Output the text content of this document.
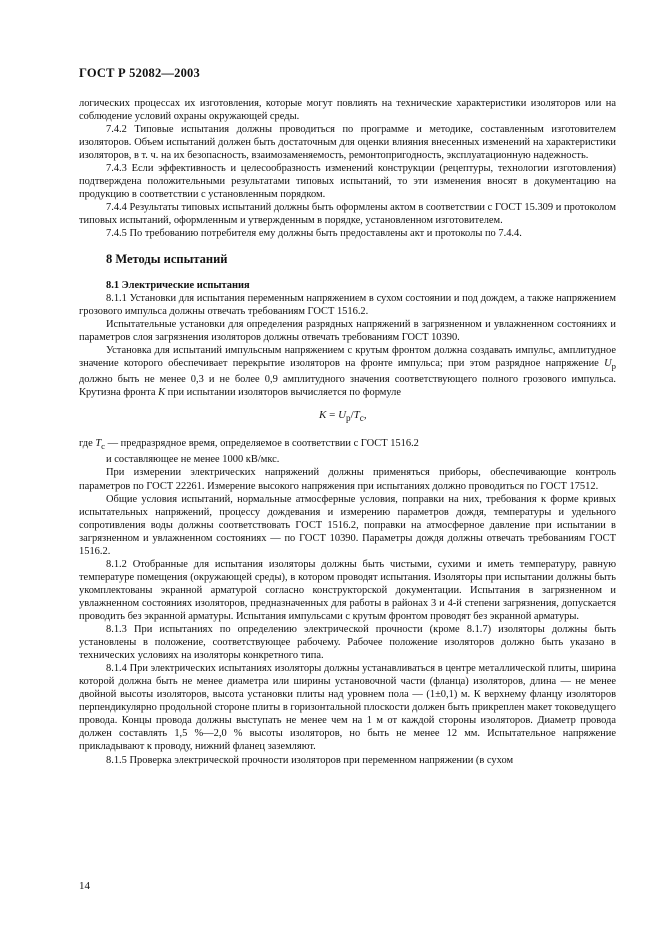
ГОСТ Р 52082—2003

логических процессах их изготовления, которые могут повлиять на технические характеристики изоляторов или на соблюдение условий охраны окружающей среды.

7.4.2 Типовые испытания должны проводиться по программе и методике, составленным изготовителем изоляторов. Объем испытаний должен быть достаточным для оценки влияния внесенных изменений на характеристики изоляторов, в т. ч. на их безопасность, взаимозаменяемость, ремонтопригодность, эксплуатационную надежность.

7.4.3 Если эффективность и целесообразность изменений конструкции (рецептуры, технологии изготовления) подтверждена положительными результатами типовых испытаний, то эти изменения вносят в документацию на продукцию в соответствии с установленным порядком.

7.4.4 Результаты типовых испытаний должны быть оформлены актом в соответствии с ГОСТ 15.309 и протоколом типовых испытаний, оформленным и утвержденным в порядке, установленном изготовителем.

7.4.5 По требованию потребителя ему должны быть предоставлены акт и протоколы по 7.4.4.

8 Методы испытаний

8.1 Электрические испытания

8.1.1 Установки для испытания переменным напряжением в сухом состоянии и под дождем, а также напряжением грозового импульса должны отвечать требованиям ГОСТ 1516.2.

Испытательные установки для определения разрядных напряжений в загрязненном и увлажненном состояниях и параметров слоя загрязнения изоляторов должны отвечать требованиям ГОСТ 10390.

Установка для испытаний импульсным напряжением с крутым фронтом должна создавать импульс, амплитудное значение которого обеспечивает перекрытие изоляторов на фронте импульса; при этом разрядное напряжение $U_р$ должно быть не менее 0,3 и не более 0,9 амплитудного значения соответствующего полного грозового импульса. Крутизна фронта K при испытании изоляторов вычисляется по формуле

$K = U_р/T_c$,

где $T_c$ — предразрядное время, определяемое в соответствии с ГОСТ 1516.2

и составляющее не менее 1000 кВ/мкс.

При измерении электрических напряжений должны применяться приборы, обеспечивающие контроль параметров по ГОСТ 22261. Измерение высокого напряжения при испытаниях должно проводиться по ГОСТ 17512.

Общие условия испытаний, нормальные атмосферные условия, поправки на них, требования к форме кривых испытательных напряжений, процессу дождевания и измерению параметров дождя, температуры и удельного сопротивления воды должны соответствовать ГОСТ 1516.2, поправки на атмосферное давление при испытании в загрязненном и увлажненном состояниях — по ГОСТ 10390. Параметры дождя должны отвечать требованиям ГОСТ 1516.2.

8.1.2 Отобранные для испытания изоляторы должны быть чистыми, сухими и иметь температуру, равную температуре помещения (окружающей среды), в котором проводят испытания. Изоляторы при испытании должны быть укомплектованы экранной арматурой согласно конструкторской документации. Испытания в загрязненном и увлажненном состояниях изоляторов, предназначенных для работы в районах 3 и 4-й степени загрязнения, допускается проводить без экранной арматуры. Испытания импульсами с крутым фронтом проводят без экранной арматуры.

8.1.3 При испытаниях по определению электрической прочности (кроме 8.1.7) изоляторы должны быть установлены в положение, соответствующее рабочему. Рабочее положение изоляторов должно быть указано в технических условиях на изоляторы конкретного типа.

8.1.4 При электрических испытаниях изоляторы должны устанавливаться в центре металлической плиты, ширина которой должна быть не менее диаметра или ширины установочной части (фланца) изоляторов, длина — не менее двойной высоты изоляторов, высота установки плиты над уровнем пола — (1±0,1) м. К верхнему фланцу изоляторов перпендикулярно продольной стороне плиты в горизонтальной плоскости должен быть прикреплен макет токоведущего провода. Концы провода должны выступать не менее чем на 1 м от каждой стороны изоляторов. Диаметр провода должен составлять 1,5 %—2,0 % высоты изоляторов, но быть не менее 12 мм. Испытательное напряжение прикладывают к проводу, нижний фланец заземляют.

8.1.5 Проверка электрической прочности изоляторов при переменном напряжении (в сухом

14
